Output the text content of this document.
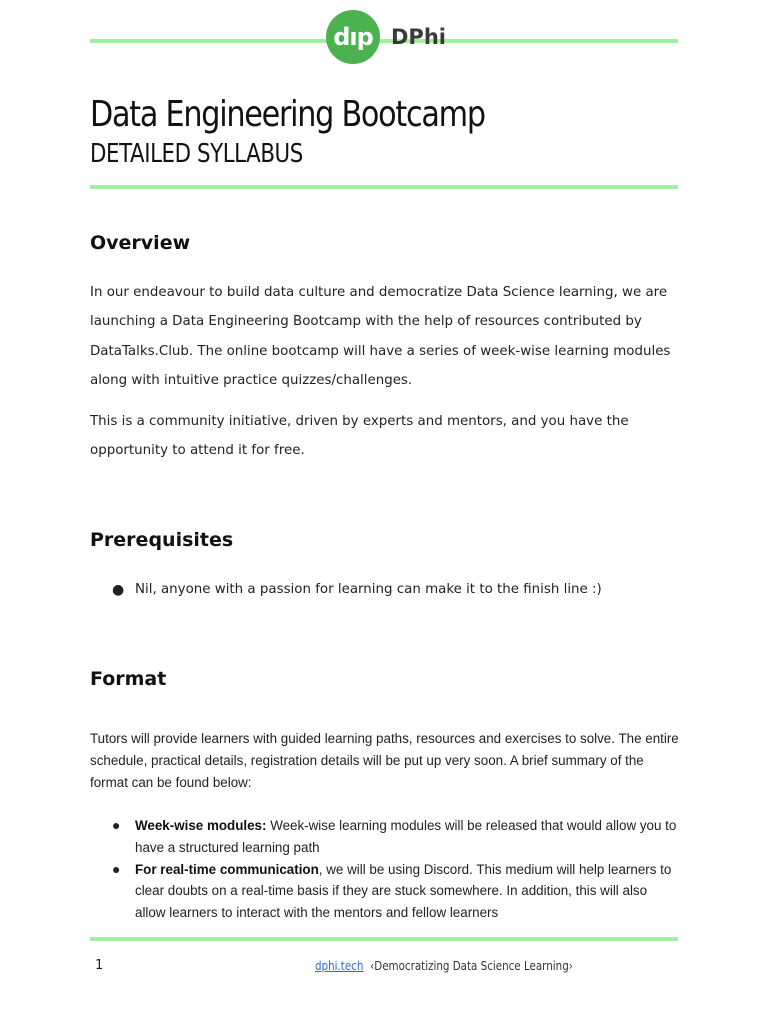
dıp DPhi
Data Engineering Bootcamp
DETAILED SYLLABUS
Overview

In our endeavour to build data culture and democratize Data Science learning, we are launching a Data Engineering Bootcamp with the help of resources contributed by DataTalks.Club. The online bootcamp will have a series of week-wise learning modules along with intuitive practice quizzes/challenges.

This is a community initiative, driven by experts and mentors, and you have the opportunity to attend it for free.

Prerequisites
● Nil, anyone with a passion for learning can make it to the finish line :)
Format

Tutors will provide learners with guided learning paths, resources and exercises to solve. The entire schedule, practical details, registration details will be put up very soon. A brief summary of the format can be found below:

● Week-wise modules: Week-wise learning modules will be released that would allow you to have a structured learning path
● For real-time communication, we will be using Discord. This medium will help learners to clear doubts on a real-time basis if they are stuck somewhere. In addition, this will also allow learners to interact with the mentors and fellow learners
1	dphi.tech ‹Democratizing Data Science Learning›
